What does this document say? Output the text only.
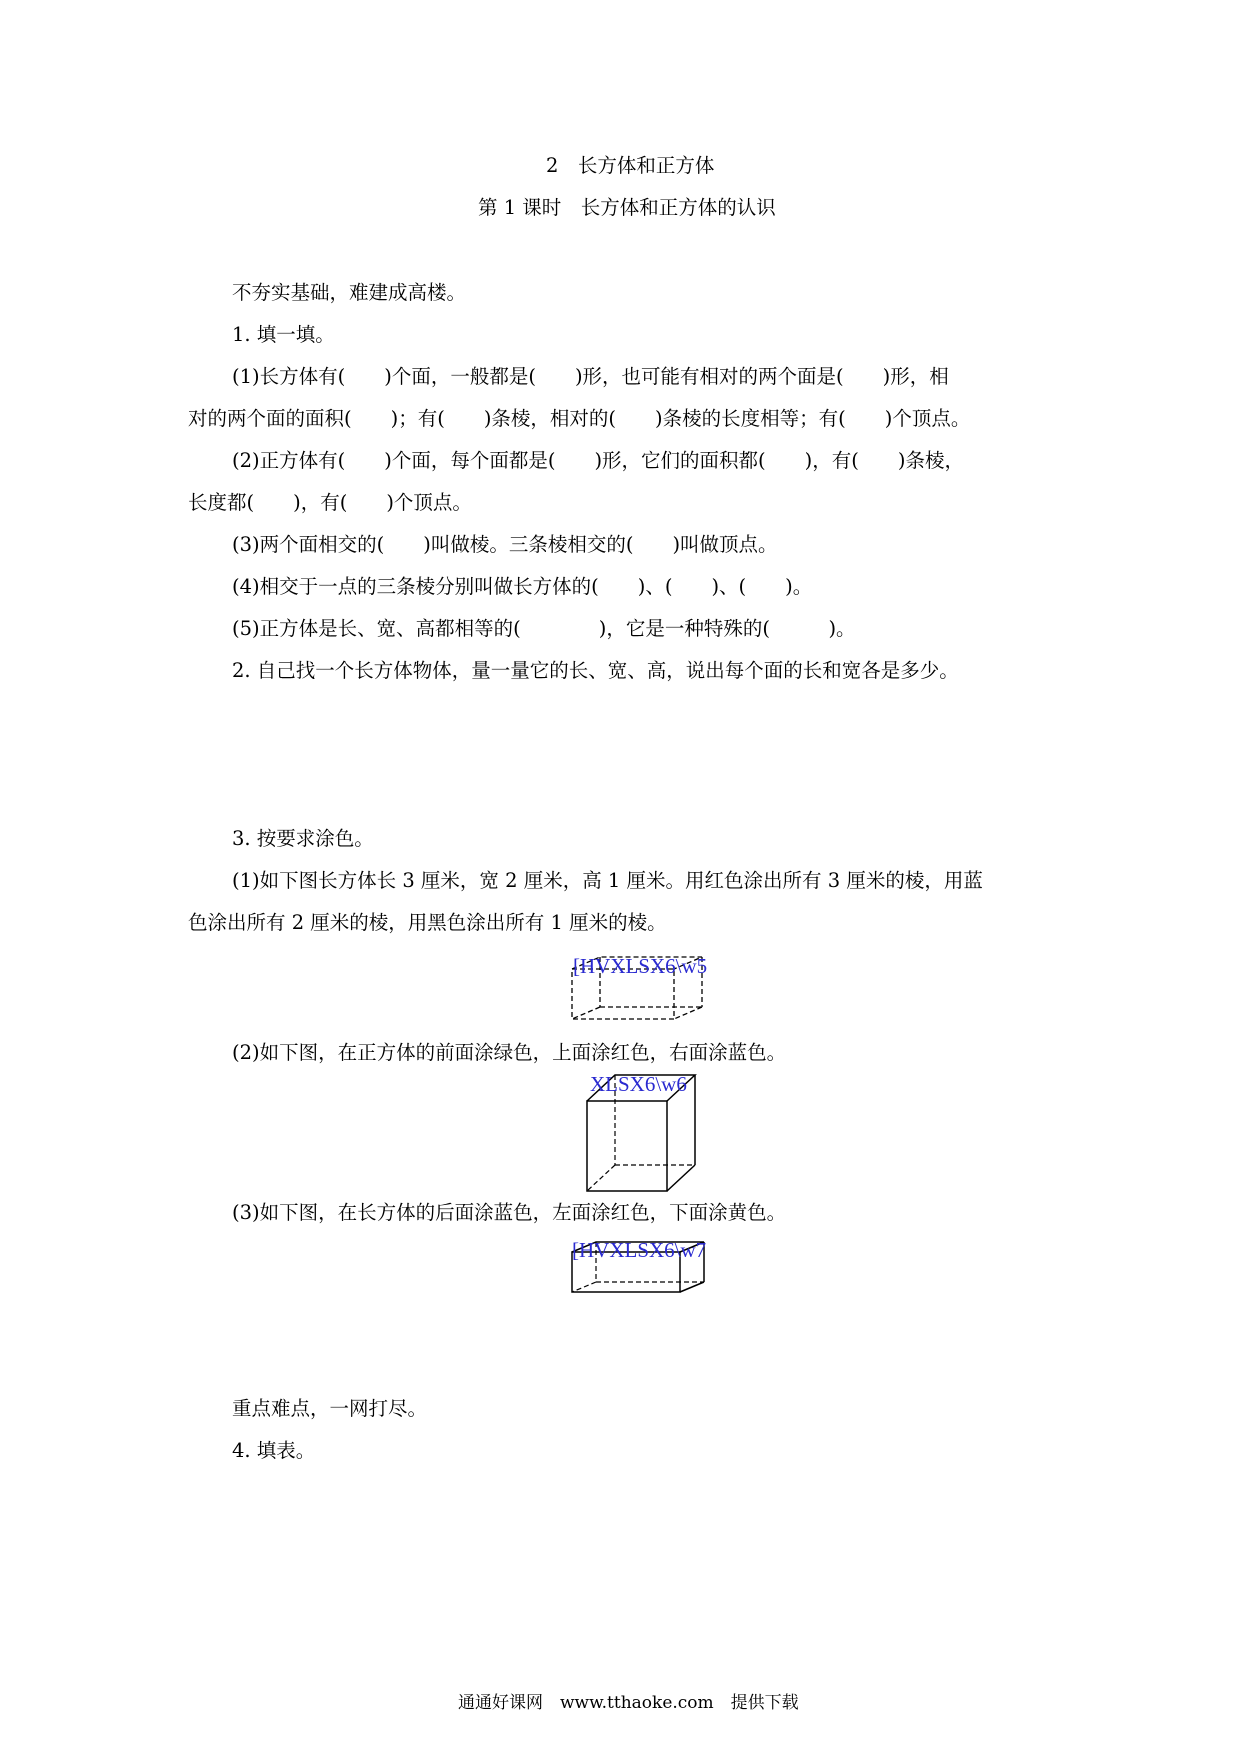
2　长方体和正方体
第 1 课时　长方体和正方体的认识
不夯实基础，难建成高楼。
1. 填一填。
(1)长方体有(　　)个面，一般都是(　　)形，也可能有相对的两个面是(　　)形，相
对的两个面的面积(　　)；有(　　)条棱，相对的(　　)条棱的长度相等；有(　　)个顶点。
(2)正方体有(　　)个面，每个面都是(　　)形，它们的面积都(　　)，有(　　)条棱，
长度都(　　)，有(　　)个顶点。
(3)两个面相交的(　　)叫做棱。三条棱相交的(　　)叫做顶点。
(4)相交于一点的三条棱分别叫做长方体的(　　)、(　　)、(　　)。
(5)正方体是长、宽、高都相等的(　　　　)，它是一种特殊的(　　　)。
2. 自己找一个长方体物体，量一量它的长、宽、高，说出每个面的长和宽各是多少。
3. 按要求涂色。
(1)如下图长方体长 3 厘米，宽 2 厘米，高 1 厘米。用红色涂出所有 3 厘米的棱，用蓝
色涂出所有 2 厘米的棱，用黑色涂出所有 1 厘米的棱。
[HVXLSX6\w5
(2)如下图，在正方体的前面涂绿色，上面涂红色，右面涂蓝色。
XLSX6\w6
(3)如下图，在长方体的后面涂蓝色，左面涂红色，下面涂黄色。
[HVXLSX6\w7
重点难点，一网打尽。
4. 填表。
通通好课网　www.tthaoke.com　提供下载
